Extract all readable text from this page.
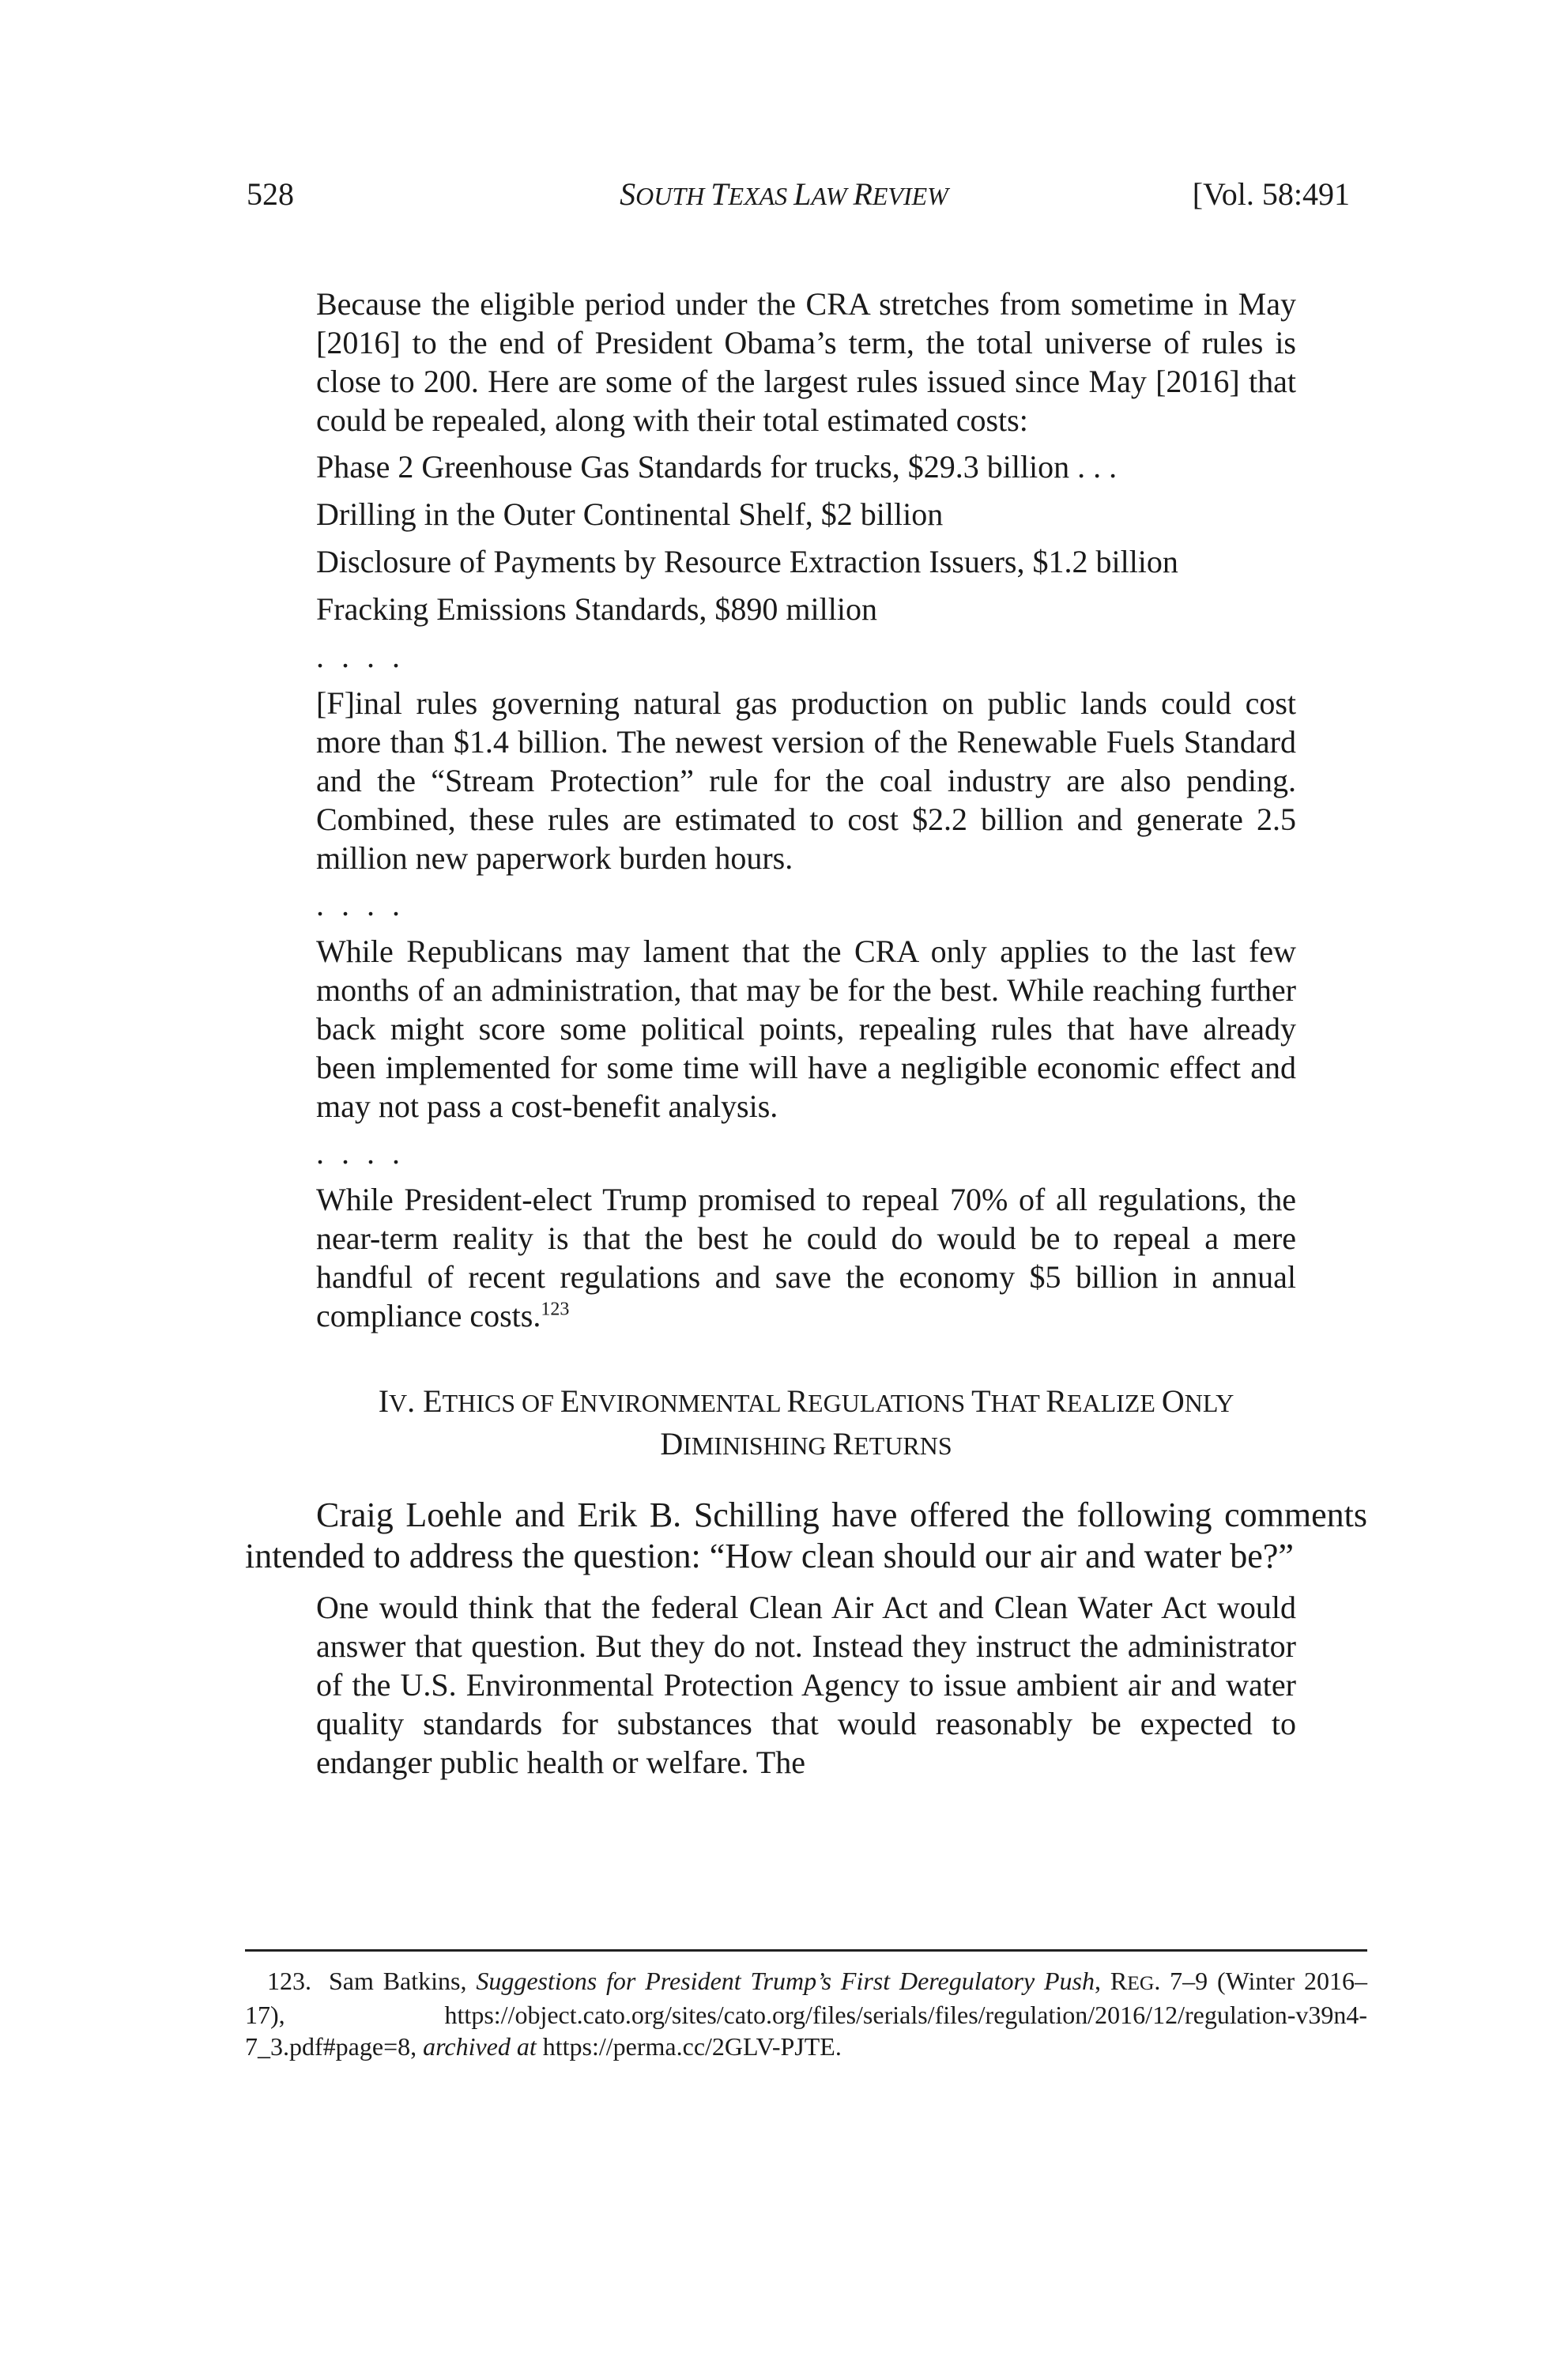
528	SOUTH TEXAS LAW REVIEW	[Vol. 58:491

Because the eligible period under the CRA stretches from sometime in May [2016] to the end of President Obama’s term, the total universe of rules is close to 200. Here are some of the largest rules issued since May [2016] that could be repealed, along with their total estimated costs:

Phase 2 Greenhouse Gas Standards for trucks, $29.3 billion . . .

Drilling in the Outer Continental Shelf, $2 billion

Disclosure of Payments by Resource Extraction Issuers, $1.2 billion

Fracking Emissions Standards, $890 million

. . . .

[F]inal rules governing natural gas production on public lands could cost more than $1.4 billion. The newest version of the Renewable Fuels Standard and the “Stream Protection” rule for the coal industry are also pending. Combined, these rules are estimated to cost $2.2 billion and generate 2.5 million new paperwork burden hours.

. . . .

While Republicans may lament that the CRA only applies to the last few months of an administration, that may be for the best. While reaching further back might score some political points, repealing rules that have already been implemented for some time will have a negligible economic effect and may not pass a cost-benefit analysis.

. . . .

While President-elect Trump promised to repeal 70% of all regulations, the near-term reality is that the best he could do would be to repeal a mere handful of recent regulations and save the economy $5 billion in annual compliance costs.$^{123}$

IV. ETHICS OF ENVIRONMENTAL REGULATIONS THAT REALIZE ONLY
DIMINISHING RETURNS

Craig Loehle and Erik B. Schilling have offered the following comments intended to address the question: “How clean should our air and water be?”

One would think that the federal Clean Air Act and Clean Water Act would answer that question. But they do not. Instead they instruct the administrator of the U.S. Environmental Protection Agency to issue ambient air and water quality standards for substances that would reasonably be expected to endanger public health or welfare. The

123. Sam Batkins, Suggestions for President Trump’s First Deregulatory Push, REG. 7–9 (Winter 2016–17), https://object.cato.org/sites/cato.org/files/serials/files/regulation/2016/12/regulation-v39n4-7_3.pdf#page=8, archived at https://perma.cc/2GLV-PJTE.
